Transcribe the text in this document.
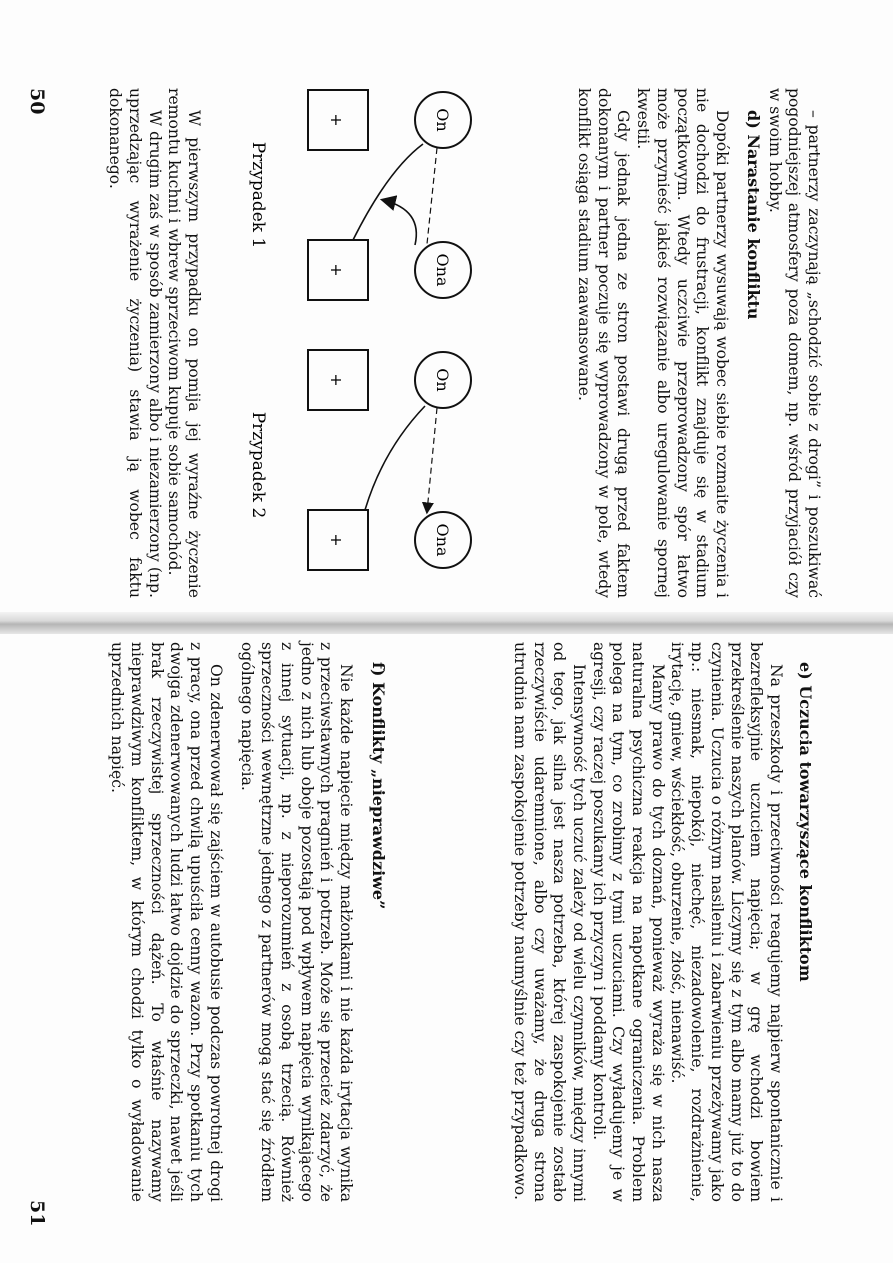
– partnerzy zaczynają „schodzić sobie z drogi” i poszukiwać pogodniejszej atmosfery poza domem, np. wśród przyjaciół czy w swoim hobby.

d) Narastanie konfliktu

Dopóki partnerzy wysuwają wobec siebie rozmaite życzenia i nie dochodzi do frustracji, konflikt znajduje się w stadium początkowym. Wtedy uczciwie przeprowadzony spór łatwo może przynieść jakieś rozwiązanie albo uregulowanie spornej kwestii.

Gdy jednak jedna ze stron postawi drugą przed faktem dokonanym i partner poczuje się wyprowadzony w pole, wtedy konflikt osiąga stadium zaawansowane.

On
Ona
+
+
Przypadek 1
On
Ona
+
+
Przypadek 2

W pierwszym przypadku on pomija jej wyraźne życzenie remontu kuchni i wbrew sprzeciwom kupuje sobie samochód.

W drugim zaś w sposób zamierzony albo i niezamierzony (np. uprzedzając wyrażenie życzenia) stawia ją wobec faktu dokonanego.

50
e) Uczucia towarzyszące konfliktom

Na przeszkody i przeciwności reagujemy najpierw spontanicznie i bezrefleksyjnie uczuciem napięcia; w grę wchodzi bowiem przekreślenie naszych planów. Liczymy się z tym albo mamy już to do czynienia. Uczucia o różnym nasileniu i zabarwieniu przeżywamy jako np.: niesmak, niepokój, niechęć, niezadowolenie, rozdrażnienie, irytację, gniew, wściekłość, oburzenie, złość, nienawiść.

Mamy prawo do tych doznań, ponieważ wyraża się w nich nasza naturalna psychiczna reakcja na napotkane ograniczenia. Problem polega na tym, co zrobimy z tymi uczuciami. Czy wyładujemy je w agresji, czy raczej poszukamy ich przyczyn i poddamy kontroli.

Intensywność tych uczuć zależy od wielu czynników, między innymi od tego, jak silna jest nasza potrzeba, której zaspokojenie zostało rzeczywiście udaremnione, albo czy uważamy, że druga strona utrudnia nam zaspokojenie potrzeby naumyślnie czy też przypadkowo.

f) Konflikty „nieprawdziwe”

Nie każde napięcie między małżonkami i nie każda irytacja wynika z przeciwstawnych pragnień i potrzeb. Może się przecież zdarzyć, że jedno z nich lub oboje pozostają pod wpływem napięcia wynikającego z innej sytuacji, np. z nieporozumień z osobą trzecią. Również sprzeczności wewnętrzne jednego z partnerów mogą stać się źródłem ogólnego napięcia.

On zdenerwował się zajściem w autobusie podczas powrotnej drogi z pracy, ona przed chwilą upuściła cenny wazon. Przy spotkaniu tych dwojga zdenerwowanych ludzi łatwo dojdzie do sprzeczki, nawet jeśli brak rzeczywistej sprzeczności dążeń. To właśnie nazywamy nieprawdziwym konfliktem, w którym chodzi tylko o wyładowanie uprzednich napięć.

51
